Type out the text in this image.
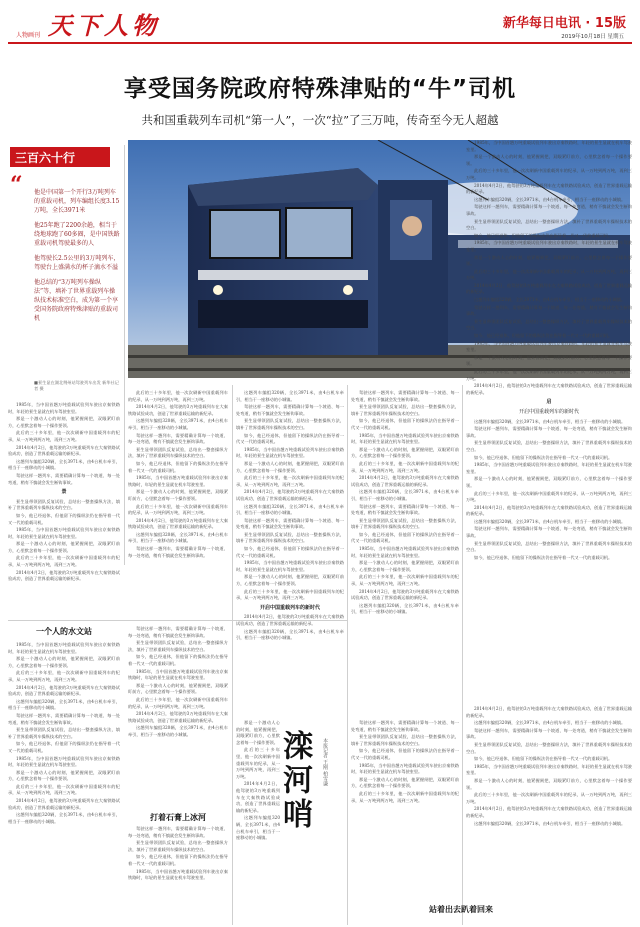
天下人物
人物画刊
新华每日电讯 · 15版
2019年10月18日 星期五
享受国务院政府特殊津贴的“牛”司机
共和国重载列车司机“第一人”，一次“拉”了三万吨，传奇至今无人超越
三百六十行
“ 他是中国第一个开行3万吨列车的重载司机，列车编组长度3.15万吨，全长3971米
他25年跑了2200余趟，相当于绕地球跑了60多圈，是中国铁路重载司机驾驶最多的人
他驾驶长2.5公里的3万吨列车，驾驶台上盛满水的杯子滴水不溢
他总结的“3万吨列车操纵法”等，填补了世界重载列车操纵技术标准空白，成为第一个享受国务院政府特殊津贴的重载司机
■景生显在湖北荆州站驾驶列车出发 新华社记者 摄

1985年，当中国首趟万吨重载试验列车驶出京秦铁路时，年轻的景生显就在机车驾驶室里。

那是一个激动人心的时刻，他紧握闸把，双眼紧盯前方，心里默念着每一个操作要领。

此后的三十多年里，他一次次刷新中国重载列车的纪录，从一万吨到两万吨，再到三万吨。

2014年4月2日，他驾驶的3万吨重载列车在大秦铁路试验成功，创造了世界重载运输的新纪录。

这趟列车编组320辆，全长3971米，由4台机车牵引，相当于一座移动的小城镇。

驾驶这样一趟列车，需要精确计算每一个坡道、每一处弯道，稍有不慎就会发生断钩事故。

景

景生显带领团队反复试验，总结出一整套操纵方法，填补了世界重载列车操纵技术的空白。

如今，他已经退休，但他留下的操纵法仍在指导着一代又一代的重载司机。

1985年，当中国首趟万吨重载试验列车驶出京秦铁路时，年轻的景生显就在机车驾驶室里。

那是一个激动人心的时刻，他紧握闸把，双眼紧盯前方，心里默念着每一个操作要领。

此后的三十多年里，他一次次刷新中国重载列车的纪录，从一万吨到两万吨，再到三万吨。

2014年4月2日，他驾驶的3万吨重载列车在大秦铁路试验成功，创造了世界重载运输的新纪录。

此后的三十多年里，他一次次刷新中国重载列车的纪录，从一万吨到两万吨，再到三万吨。

2014年4月2日，他驾驶的3万吨重载列车在大秦铁路试验成功，创造了世界重载运输的新纪录。

这趟列车编组320辆，全长3971米，由4台机车牵引，相当于一座移动的小城镇。

驾驶这样一趟列车，需要精确计算每一个坡道、每一处弯道，稍有不慎就会发生断钩事故。

景生显带领团队反复试验，总结出一整套操纵方法，填补了世界重载列车操纵技术的空白。

如今，他已经退休，但他留下的操纵法仍在指导着一代又一代的重载司机。

1985年，当中国首趟万吨重载试验列车驶出京秦铁路时，年轻的景生显就在机车驾驶室里。

那是一个激动人心的时刻，他紧握闸把，双眼紧盯前方，心里默念着每一个操作要领。

此后的三十多年里，他一次次刷新中国重载列车的纪录，从一万吨到两万吨，再到三万吨。

2014年4月2日，他驾驶的3万吨重载列车在大秦铁路试验成功，创造了世界重载运输的新纪录。

这趟列车编组320辆，全长3971米，由4台机车牵引，相当于一座移动的小城镇。

驾驶这样一趟列车，需要精确计算每一个坡道、每一处弯道，稍有不慎就会发生断钩事故。

这趟列车编组320辆，全长3971米，由4台机车牵引，相当于一座移动的小城镇。

驾驶这样一趟列车，需要精确计算每一个坡道、每一处弯道，稍有不慎就会发生断钩事故。

景生显带领团队反复试验，总结出一整套操纵方法，填补了世界重载列车操纵技术的空白。

如今，他已经退休，但他留下的操纵法仍在指导着一代又一代的重载司机。

1985年，当中国首趟万吨重载试验列车驶出京秦铁路时，年轻的景生显就在机车驾驶室里。

那是一个激动人心的时刻，他紧握闸把，双眼紧盯前方，心里默念着每一个操作要领。

此后的三十多年里，他一次次刷新中国重载列车的纪录，从一万吨到两万吨，再到三万吨。

2014年4月2日，他驾驶的3万吨重载列车在大秦铁路试验成功，创造了世界重载运输的新纪录。

这趟列车编组320辆，全长3971米，由4台机车牵引，相当于一座移动的小城镇。

驾驶这样一趟列车，需要精确计算每一个坡道、每一处弯道，稍有不慎就会发生断钩事故。

景生显带领团队反复试验，总结出一整套操纵方法，填补了世界重载列车操纵技术的空白。

如今，他已经退休，但他留下的操纵法仍在指导着一代又一代的重载司机。

1985年，当中国首趟万吨重载试验列车驶出京秦铁路时，年轻的景生显就在机车驾驶室里。

那是一个激动人心的时刻，他紧握闸把，双眼紧盯前方，心里默念着每一个操作要领。

此后的三十多年里，他一次次刷新中国重载列车的纪录，从一万吨到两万吨，再到三万吨。

开启中国重载列车的新时代

2014年4月2日，他驾驶的3万吨重载列车在大秦铁路试验成功，创造了世界重载运输的新纪录。

这趟列车编组320辆，全长3971米，由4台机车牵引，相当于一座移动的小城镇。

驾驶这样一趟列车，需要精确计算每一个坡道、每一处弯道，稍有不慎就会发生断钩事故。

景生显带领团队反复试验，总结出一整套操纵方法，填补了世界重载列车操纵技术的空白。

如今，他已经退休，但他留下的操纵法仍在指导着一代又一代的重载司机。

1985年，当中国首趟万吨重载试验列车驶出京秦铁路时，年轻的景生显就在机车驾驶室里。

那是一个激动人心的时刻，他紧握闸把，双眼紧盯前方，心里默念着每一个操作要领。

此后的三十多年里，他一次次刷新中国重载列车的纪录，从一万吨到两万吨，再到三万吨。

2014年4月2日，他驾驶的3万吨重载列车在大秦铁路试验成功，创造了世界重载运输的新纪录。

这趟列车编组320辆，全长3971米，由4台机车牵引，相当于一座移动的小城镇。

驾驶这样一趟列车，需要精确计算每一个坡道、每一处弯道，稍有不慎就会发生断钩事故。

景生显带领团队反复试验，总结出一整套操纵方法，填补了世界重载列车操纵技术的空白。

如今，他已经退休，但他留下的操纵法仍在指导着一代又一代的重载司机。

1985年，当中国首趟万吨重载试验列车驶出京秦铁路时，年轻的景生显就在机车驾驶室里。

那是一个激动人心的时刻，他紧握闸把，双眼紧盯前方，心里默念着每一个操作要领。

此后的三十多年里，他一次次刷新中国重载列车的纪录，从一万吨到两万吨，再到三万吨。

2014年4月2日，他驾驶的3万吨重载列车在大秦铁路试验成功，创造了世界重载运输的新纪录。

这趟列车编组320辆，全长3971米，由4台机车牵引，相当于一座移动的小城镇。

1985年，当中国首趟万吨重载试验列车驶出京秦铁路时，年轻的景生显就在机车驾驶室里。

那是一个激动人心的时刻，他紧握闸把，双眼紧盯前方，心里默念着每一个操作要领。

此后的三十多年里，他一次次刷新中国重载列车的纪录，从一万吨到两万吨，再到三万吨。

2014年4月2日，他驾驶的3万吨重载列车在大秦铁路试验成功，创造了世界重载运输的新纪录。

这趟列车编组320辆，全长3971米，由4台机车牵引，相当于一座移动的小城镇。

驾驶这样一趟列车，需要精确计算每一个坡道、每一处弯道，稍有不慎就会发生断钩事故。

景生显带领团队反复试验，总结出一整套操纵方法，填补了世界重载列车操纵技术的空白。

如今，他已经退休，但他留下的操纵法仍在指导着一代又一代的重载司机。

1985年，当中国首趟万吨重载试验列车驶出京秦铁路时，年轻的景生显就在机车驾驶室里。

那是一个激动人心的时刻，他紧握闸把，双眼紧盯前方，心里默念着每一个操作要领。

此后的三十多年里，他一次次刷新中国重载列车的纪录，从一万吨到两万吨，再到三万吨。

2014年4月2日，他驾驶的3万吨重载列车在大秦铁路试验成功，创造了世界重载运输的新纪录。

这趟列车编组320辆，全长3971米，由4台机车牵引，相当于一座移动的小城镇。

驾驶这样一趟列车，需要精确计算每一个坡道、每一处弯道，稍有不慎就会发生断钩事故。

景生显带领团队反复试验，总结出一整套操纵方法，填补了世界重载列车操纵技术的空白。

如今，他已经退休，但他留下的操纵法仍在指导着一代又一代的重载司机。

1985年，当中国首趟万吨重载试验列车驶出京秦铁路时，年轻的景生显就在机车驾驶室里。

那是一个激动人心的时刻，他紧握闸把，双眼紧盯前方，心里默念着每一个操作要领。

此后的三十多年里，他一次次刷新中国重载列车的纪录，从一万吨到两万吨，再到三万吨。

2014年4月2日，他驾驶的3万吨重载列车在大秦铁路试验成功，创造了世界重载运输的新纪录。

启
开启中国重载列车的新时代

这趟列车编组320辆，全长3971米，由4台机车牵引，相当于一座移动的小城镇。

驾驶这样一趟列车，需要精确计算每一个坡道、每一处弯道，稍有不慎就会发生断钩事故。

景生显带领团队反复试验，总结出一整套操纵方法，填补了世界重载列车操纵技术的空白。

如今，他已经退休，但他留下的操纵法仍在指导着一代又一代的重载司机。

1985年，当中国首趟万吨重载试验列车驶出京秦铁路时，年轻的景生显就在机车驾驶室里。

那是一个激动人心的时刻，他紧握闸把，双眼紧盯前方，心里默念着每一个操作要领。

此后的三十多年里，他一次次刷新中国重载列车的纪录，从一万吨到两万吨，再到三万吨。

2014年4月2日，他驾驶的3万吨重载列车在大秦铁路试验成功，创造了世界重载运输的新纪录。

这趟列车编组320辆，全长3971米，由4台机车牵引，相当于一座移动的小城镇。

驾驶这样一趟列车，需要精确计算每一个坡道、每一处弯道，稍有不慎就会发生断钩事故。

景生显带领团队反复试验，总结出一整套操纵方法，填补了世界重载列车操纵技术的空白。

如今，他已经退休，但他留下的操纵法仍在指导着一代又一代的重载司机。

一个人的水文站

1985年，当中国首趟万吨重载试验列车驶出京秦铁路时，年轻的景生显就在机车驾驶室里。

那是一个激动人心的时刻，他紧握闸把，双眼紧盯前方，心里默念着每一个操作要领。

此后的三十多年里，他一次次刷新中国重载列车的纪录，从一万吨到两万吨，再到三万吨。

2014年4月2日，他驾驶的3万吨重载列车在大秦铁路试验成功，创造了世界重载运输的新纪录。

这趟列车编组320辆，全长3971米，由4台机车牵引，相当于一座移动的小城镇。

驾驶这样一趟列车，需要精确计算每一个坡道、每一处弯道，稍有不慎就会发生断钩事故。

景生显带领团队反复试验，总结出一整套操纵方法，填补了世界重载列车操纵技术的空白。

如今，他已经退休，但他留下的操纵法仍在指导着一代又一代的重载司机。

1985年，当中国首趟万吨重载试验列车驶出京秦铁路时，年轻的景生显就在机车驾驶室里。

那是一个激动人心的时刻，他紧握闸把，双眼紧盯前方，心里默念着每一个操作要领。

此后的三十多年里，他一次次刷新中国重载列车的纪录，从一万吨到两万吨，再到三万吨。

2014年4月2日，他驾驶的3万吨重载列车在大秦铁路试验成功，创造了世界重载运输的新纪录。

这趟列车编组320辆，全长3971米，由4台机车牵引，相当于一座移动的小城镇。

驾驶这样一趟列车，需要精确计算每一个坡道、每一处弯道，稍有不慎就会发生断钩事故。

景生显带领团队反复试验，总结出一整套操纵方法，填补了世界重载列车操纵技术的空白。

如今，他已经退休，但他留下的操纵法仍在指导着一代又一代的重载司机。

1985年，当中国首趟万吨重载试验列车驶出京秦铁路时，年轻的景生显就在机车驾驶室里。

那是一个激动人心的时刻，他紧握闸把，双眼紧盯前方，心里默念着每一个操作要领。

此后的三十多年里，他一次次刷新中国重载列车的纪录，从一万吨到两万吨，再到三万吨。

2014年4月2日，他驾驶的3万吨重载列车在大秦铁路试验成功，创造了世界重载运输的新纪录。

这趟列车编组320辆，全长3971米，由4台机车牵引，相当于一座移动的小城镇。

打着石膏上冰河

驾驶这样一趟列车，需要精确计算每一个坡道、每一处弯道，稍有不慎就会发生断钩事故。

景生显带领团队反复试验，总结出一整套操纵方法，填补了世界重载列车操纵技术的空白。

如今，他已经退休，但他留下的操纵法仍在指导着一代又一代的重载司机。

1985年，当中国首趟万吨重载试验列车驶出京秦铁路时，年轻的景生显就在机车驾驶室里。

滦河哨	本报记者 王刚 柏雪谦

那是一个激动人心的时刻，他紧握闸把，双眼紧盯前方，心里默念着每一个操作要领。

此后的三十多年里，他一次次刷新中国重载列车的纪录，从一万吨到两万吨，再到三万吨。

2014年4月2日，他驾驶的3万吨重载列车在大秦铁路试验成功，创造了世界重载运输的新纪录。

这趟列车编组320辆，全长3971米，由4台机车牵引，相当于一座移动的小城镇。

驾驶这样一趟列车，需要精确计算每一个坡道、每一处弯道，稍有不慎就会发生断钩事故。

景生显带领团队反复试验，总结出一整套操纵方法，填补了世界重载列车操纵技术的空白。

如今，他已经退休，但他留下的操纵法仍在指导着一代又一代的重载司机。

1985年，当中国首趟万吨重载试验列车驶出京秦铁路时，年轻的景生显就在机车驾驶室里。

那是一个激动人心的时刻，他紧握闸把，双眼紧盯前方，心里默念着每一个操作要领。

此后的三十多年里，他一次次刷新中国重载列车的纪录，从一万吨到两万吨，再到三万吨。

站着出去趴着回来

2014年4月2日，他驾驶的3万吨重载列车在大秦铁路试验成功，创造了世界重载运输的新纪录。

这趟列车编组320辆，全长3971米，由4台机车牵引，相当于一座移动的小城镇。

驾驶这样一趟列车，需要精确计算每一个坡道、每一处弯道，稍有不慎就会发生断钩事故。

景生显带领团队反复试验，总结出一整套操纵方法，填补了世界重载列车操纵技术的空白。

如今，他已经退休，但他留下的操纵法仍在指导着一代又一代的重载司机。

1985年，当中国首趟万吨重载试验列车驶出京秦铁路时，年轻的景生显就在机车驾驶室里。

那是一个激动人心的时刻，他紧握闸把，双眼紧盯前方，心里默念着每一个操作要领。

此后的三十多年里，他一次次刷新中国重载列车的纪录，从一万吨到两万吨，再到三万吨。

2014年4月2日，他驾驶的3万吨重载列车在大秦铁路试验成功，创造了世界重载运输的新纪录。

这趟列车编组320辆，全长3971米，由4台机车牵引，相当于一座移动的小城镇。
